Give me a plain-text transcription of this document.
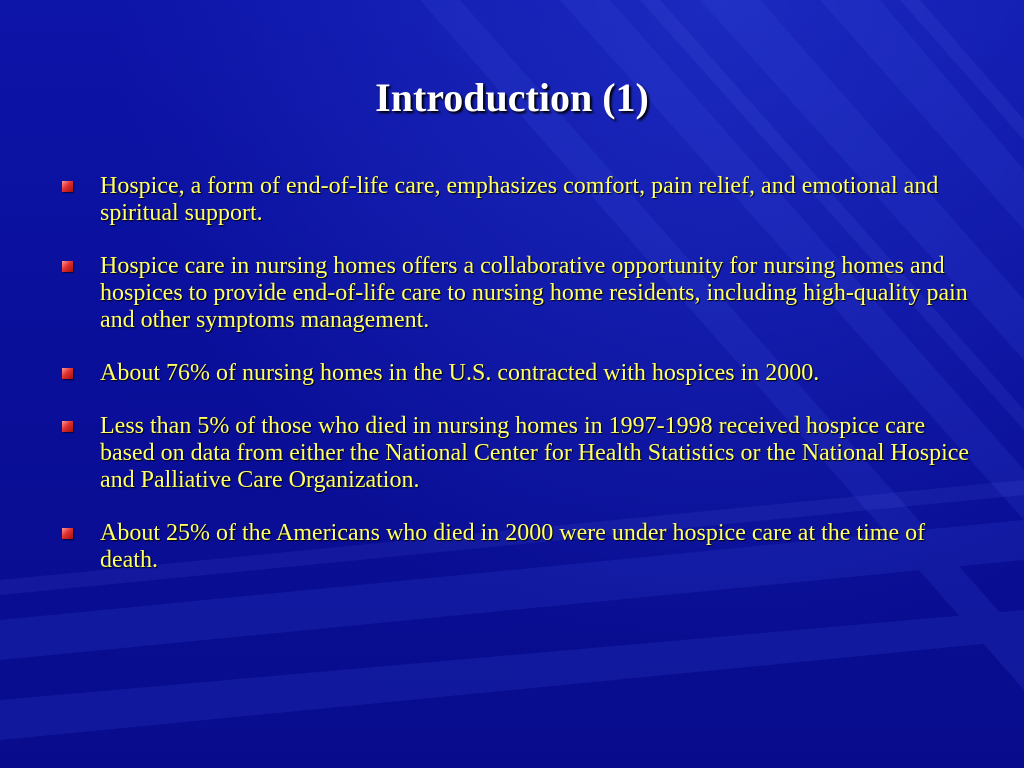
Introduction (1)
Hospice, a form of end-of-life care, emphasizes comfort, pain relief, and emotional and spiritual support.
Hospice care in nursing homes offers a collaborative opportunity for nursing homes and hospices to provide end-of-life care to nursing home residents, including high-quality pain and other symptoms management.
About 76% of nursing homes in the U.S. contracted with hospices in 2000.
Less than 5% of those who died in nursing homes in 1997-1998 received hospice care based on data from either the National Center for Health Statistics or the National Hospice and Palliative Care Organization.
About 25% of the Americans who died in 2000 were under hospice care at the time of death.
